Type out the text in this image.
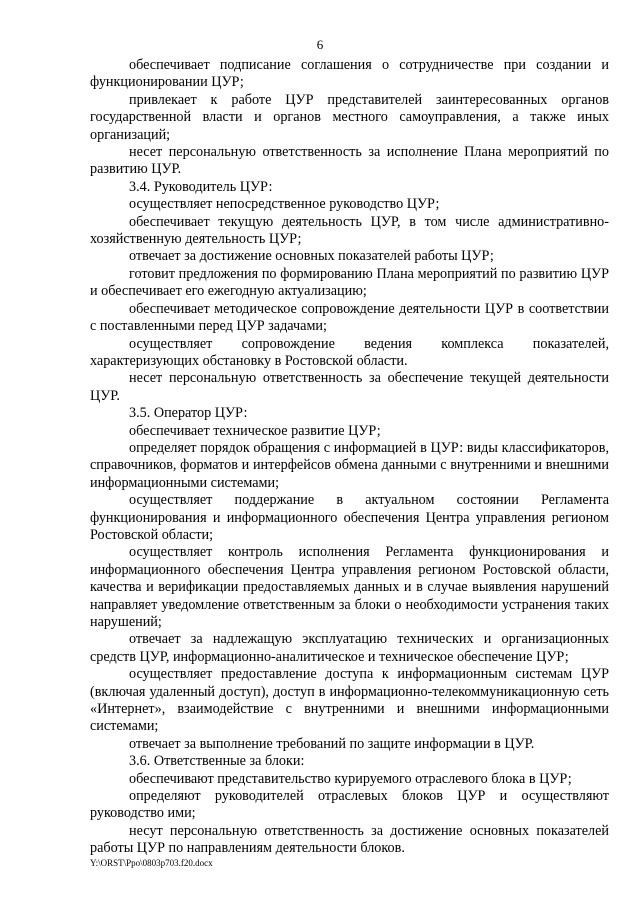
6

обеспечивает подписание соглашения о сотрудничестве при создании и функционировании ЦУР;

привлекает к работе ЦУР представителей заинтересованных органов государственной власти и органов местного самоуправления, а также иных организаций;

несет персональную ответственность за исполнение Плана мероприятий по развитию ЦУР.

3.4. Руководитель ЦУР:

осуществляет непосредственное руководство ЦУР;

обеспечивает текущую деятельность ЦУР, в том числе административно-хозяйственную деятельность ЦУР;

отвечает за достижение основных показателей работы ЦУР;

готовит предложения по формированию Плана мероприятий по развитию ЦУР и обеспечивает его ежегодную актуализацию;

обеспечивает методическое сопровождение деятельности ЦУР в соответствии с поставленными перед ЦУР задачами;

осуществляет сопровождение ведения комплекса показателей, характеризующих обстановку в Ростовской области.

несет персональную ответственность за обеспечение текущей деятельности ЦУР.

3.5. Оператор ЦУР:

обеспечивает техническое развитие ЦУР;

определяет порядок обращения с информацией в ЦУР: виды классификаторов, справочников, форматов и интерфейсов обмена данными с внутренними и внешними информационными системами;

осуществляет поддержание в актуальном состоянии Регламента функционирования и информационного обеспечения Центра управления регионом Ростовской области;

осуществляет контроль исполнения Регламента функционирования и информационного обеспечения Центра управления регионом Ростовской области, качества и верификации предоставляемых данных и в случае выявления нарушений направляет уведомление ответственным за блоки о необходимости устранения таких нарушений;

отвечает за надлежащую эксплуатацию технических и организационных средств ЦУР, информационно-аналитическое и техническое обеспечение ЦУР;

осуществляет предоставление доступа к информационным системам ЦУР (включая удаленный доступ), доступ в информационно-телекоммуникационную сеть «Интернет», взаимодействие с внутренними и внешними информационными системами;

отвечает за выполнение требований по защите информации в ЦУР.

3.6. Ответственные за блоки:

обеспечивают представительство курируемого отраслевого блока в ЦУР;

определяют руководителей отраслевых блоков ЦУР и осуществляют руководство ими;

несут персональную ответственность за достижение основных показателей работы ЦУР по направлениям деятельности блоков.

Y:\ORST\Ppo\0803p703.f20.docx
